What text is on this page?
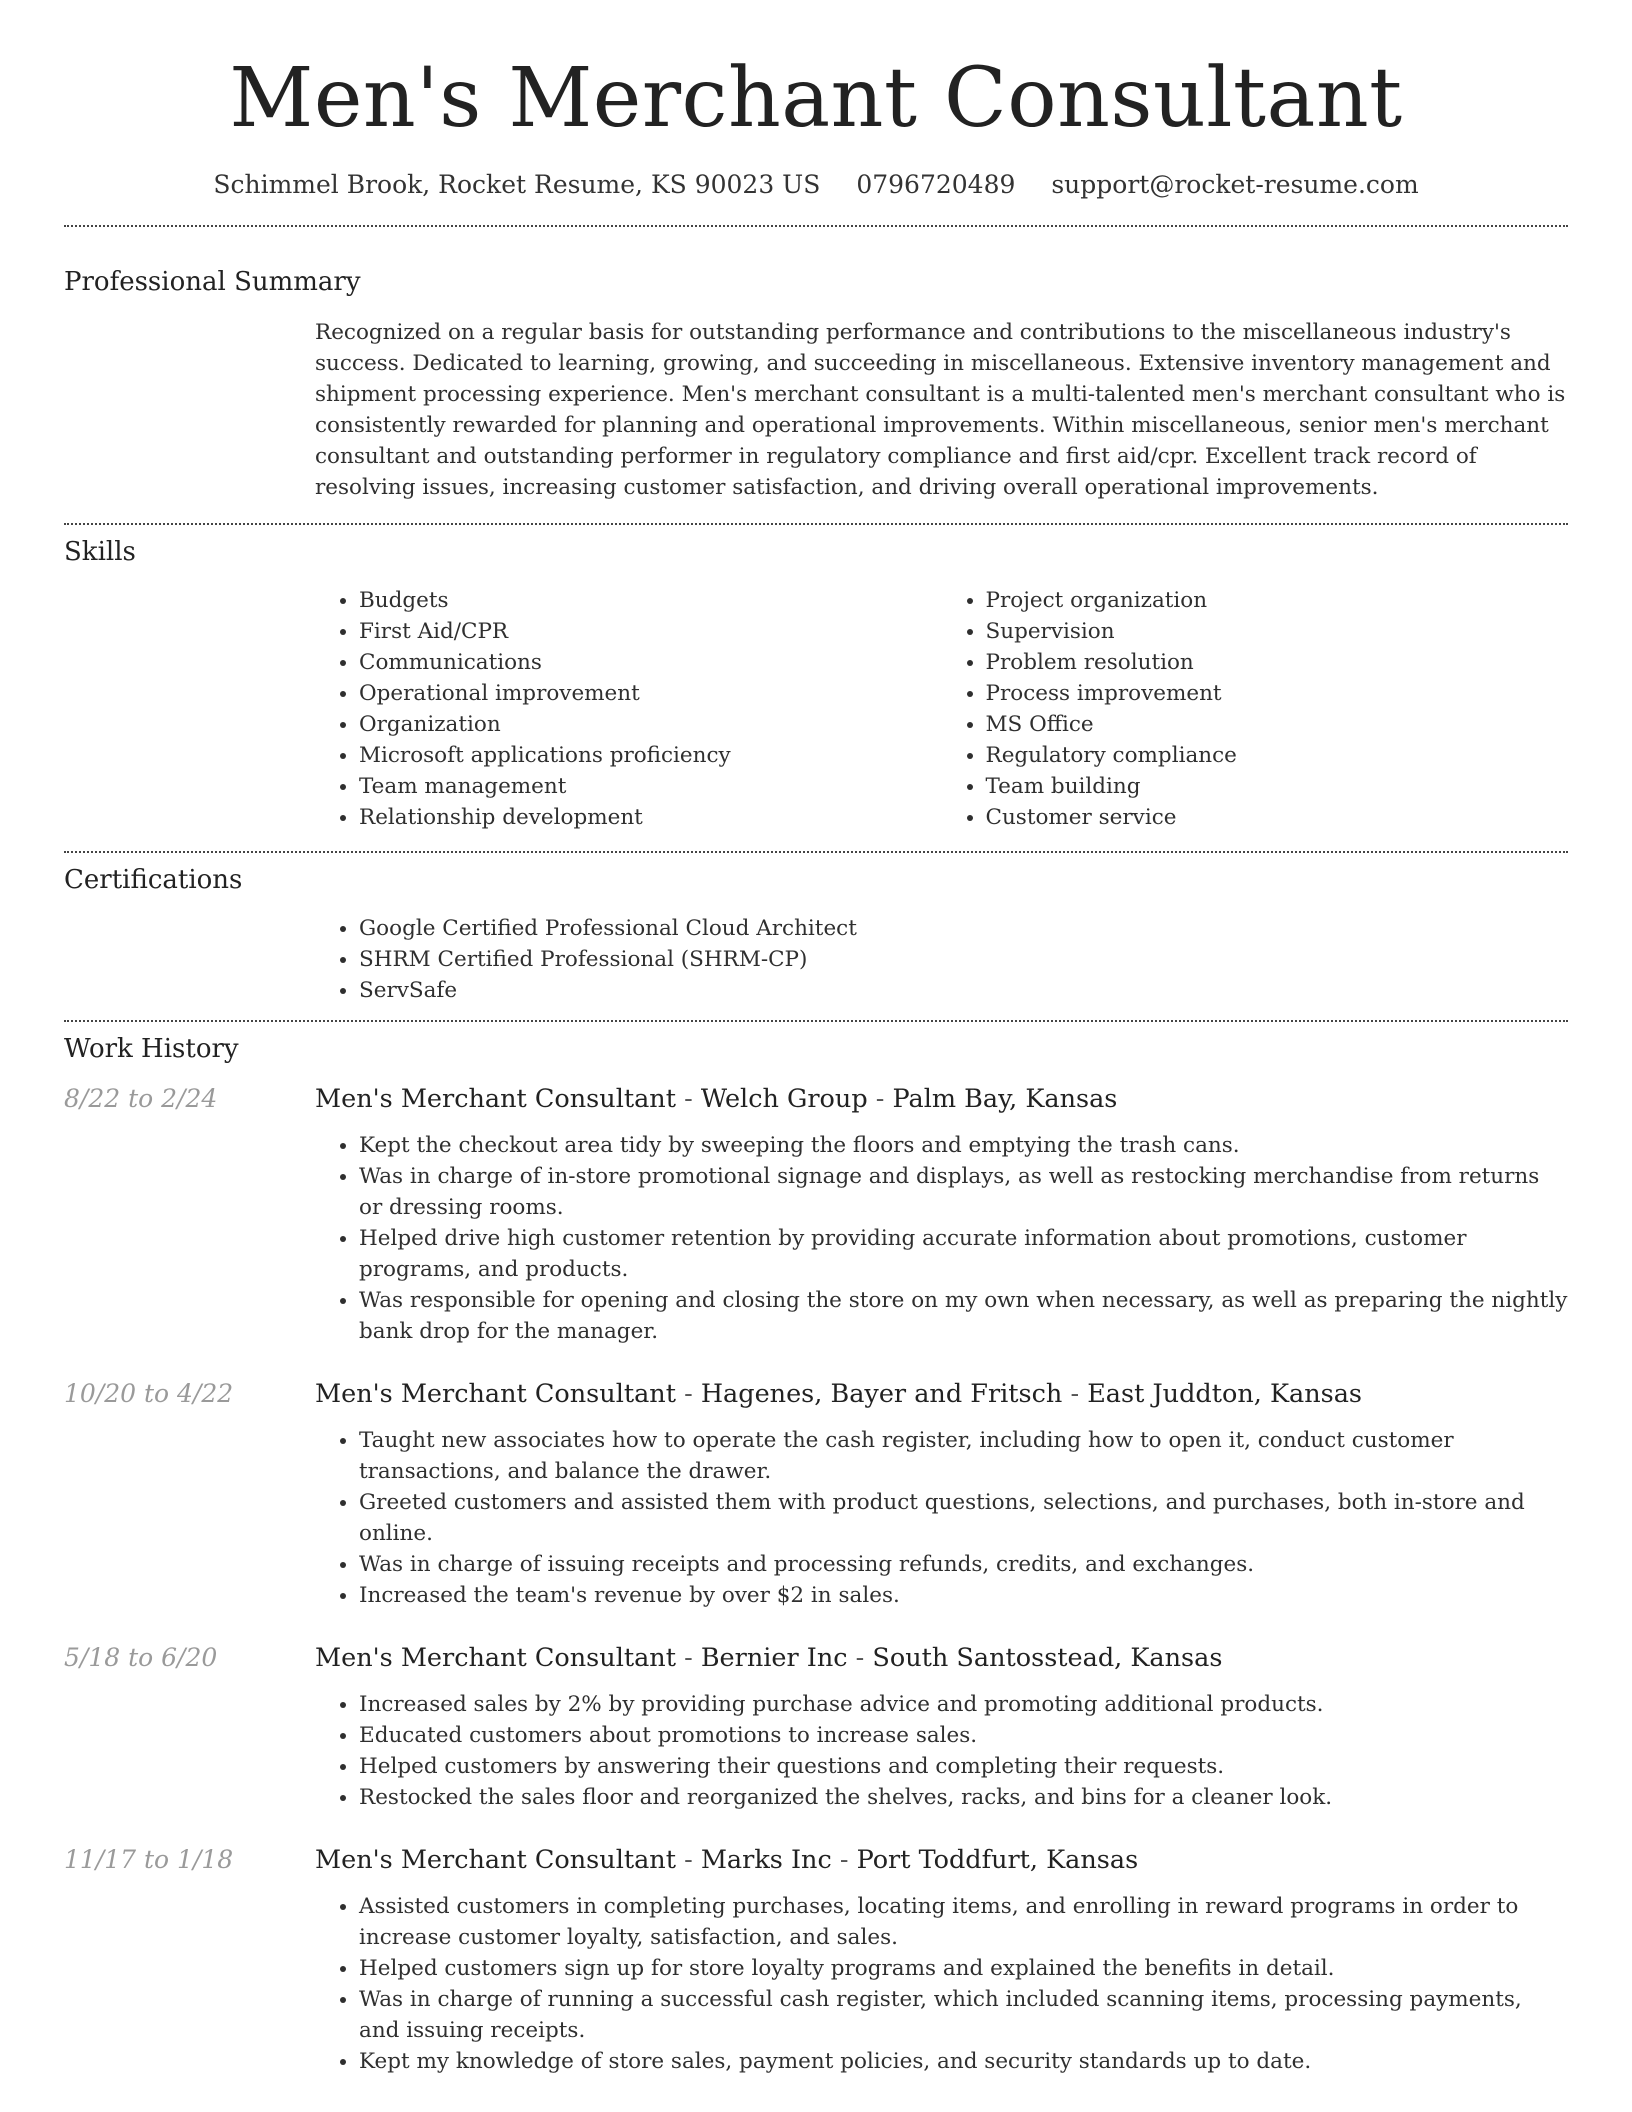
Men's Merchant Consultant
Schimmel Brook, Rocket Resume, KS 90023 US 0796720489 support@rocket-resume.com
Professional Summary
Recognized on a regular basis for outstanding performance and contributions to the miscellaneous industry's success. Dedicated to learning, growing, and succeeding in miscellaneous. Extensive inventory management and shipment processing experience. Men's merchant consultant is a multi-talented men's merchant consultant who is consistently rewarded for planning and operational improvements. Within miscellaneous, senior men's merchant consultant and outstanding performer in regulatory compliance and first aid/cpr. Excellent track record of resolving issues, increasing customer satisfaction, and driving overall operational improvements.
Skills
• Budgets
• First Aid/CPR
• Communications
• Operational improvement
• Organization
• Microsoft applications proficiency
• Team management
• Relationship development
• Project organization
• Supervision
• Problem resolution
• Process improvement
• MS Office
• Regulatory compliance
• Team building
• Customer service
Certifications
• Google Certified Professional Cloud Architect
• SHRM Certified Professional (SHRM-CP)
• ServSafe
Work History
8/22 to 2/24	Men's Merchant Consultant - Welch Group - Palm Bay, Kansas
• Kept the checkout area tidy by sweeping the floors and emptying the trash cans.
• Was in charge of in-store promotional signage and displays, as well as restocking merchandise from returns or dressing rooms.
• Helped drive high customer retention by providing accurate information about promotions, customer programs, and products.
• Was responsible for opening and closing the store on my own when necessary, as well as preparing the nightly bank drop for the manager.
10/20 to 4/22	Men's Merchant Consultant - Hagenes, Bayer and Fritsch - East Juddton, Kansas
• Taught new associates how to operate the cash register, including how to open it, conduct customer transactions, and balance the drawer.
• Greeted customers and assisted them with product questions, selections, and purchases, both in-store and online.
• Was in charge of issuing receipts and processing refunds, credits, and exchanges.
• Increased the team's revenue by over $2 in sales.
5/18 to 6/20	Men's Merchant Consultant - Bernier Inc - South Santosstead, Kansas
• Increased sales by 2% by providing purchase advice and promoting additional products.
• Educated customers about promotions to increase sales.
• Helped customers by answering their questions and completing their requests.
• Restocked the sales floor and reorganized the shelves, racks, and bins for a cleaner look.
11/17 to 1/18	Men's Merchant Consultant - Marks Inc - Port Toddfurt, Kansas
• Assisted customers in completing purchases, locating items, and enrolling in reward programs in order to increase customer loyalty, satisfaction, and sales.
• Helped customers sign up for store loyalty programs and explained the benefits in detail.
• Was in charge of running a successful cash register, which included scanning items, processing payments, and issuing receipts.
• Kept my knowledge of store sales, payment policies, and security standards up to date.
